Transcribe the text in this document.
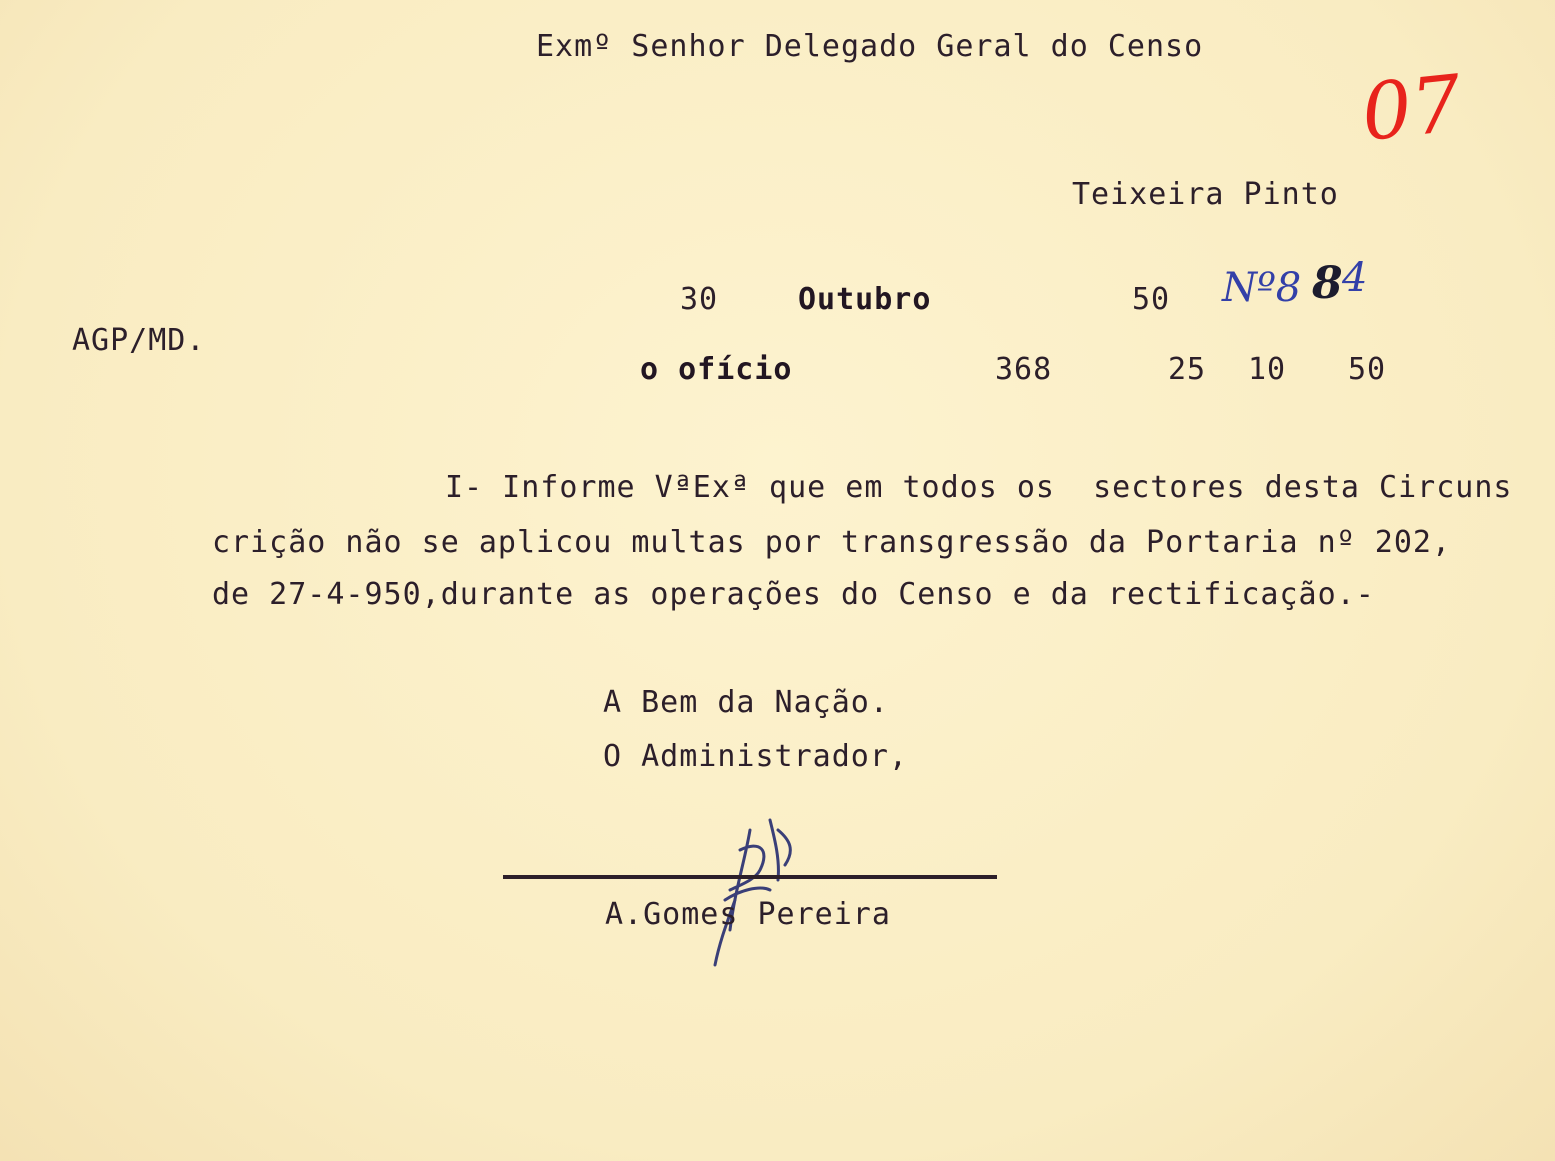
Exmº Senhor Delegado Geral do Censo
07
Teixeira Pinto
30	Outubro	50 Nº8 8 4
AGP/MD.
o ofício	368	25 10 50
I- Informe VªExª que em todos os  sectores desta Circuns
crição não se aplicou multas por transgressão da Portaria nº 202,
de 27-4-950,durante as operações do Censo e da rectificação.-
A Bem da Nação.
O Administrador,
A.Gomes Pereira
